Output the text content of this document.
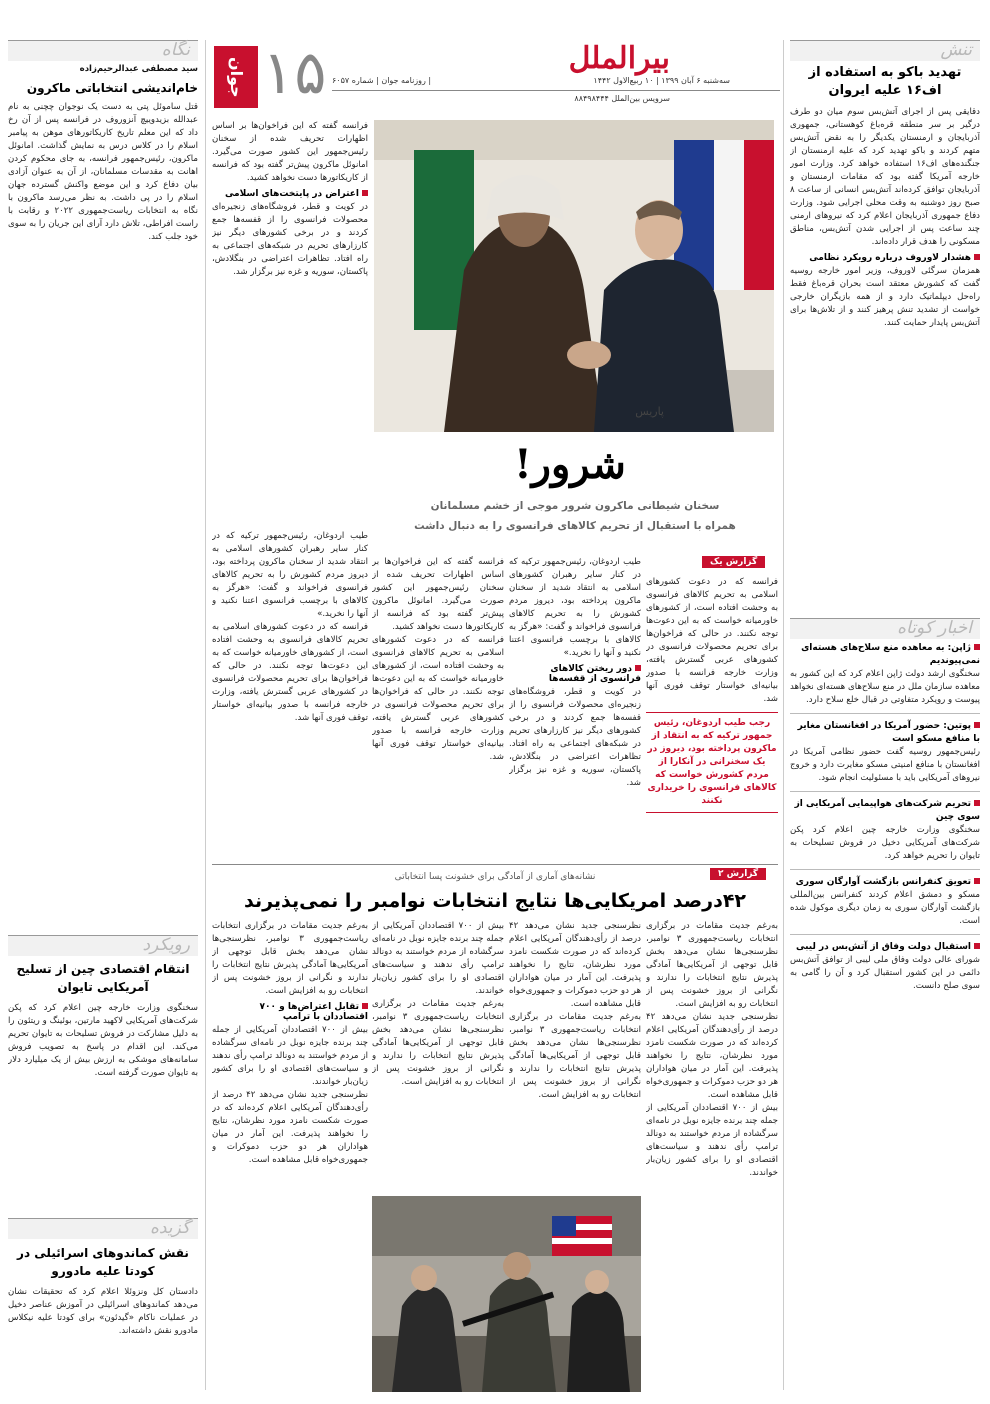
جوان ۱۵ | روزنامه جوان | شماره ۶۰۵۷	سه‌شنبه ۶ آبان ۱۳۹۹ | ۱۰ ربیع‌الاول ۱۴۴۲
بیرالملل
سرویس بین‌الملل ۸۸۴۹۸۴۴۴
تنش
تهدید باکو به استفاده از اف۱۶ علیه ایروان
دقایقی پس از اجرای آتش‌بس سوم میان دو طرف درگیر بر سر منطقه قره‌باغ کوهستانی، جمهوری آذربایجان و ارمنستان یکدیگر را به نقض آتش‌بس متهم کردند و باکو تهدید کرد که علیه ارمنستان از جنگنده‌های اف۱۶ استفاده خواهد کرد. وزارت امور خارجه آمریکا گفته بود که مقامات ارمنستان و آذربایجان توافق کرده‌اند آتش‌بس انسانی از ساعت ۸ صبح روز دوشنبه به وقت محلی اجرایی شود. وزارت دفاع جمهوری آذربایجان اعلام کرد که نیروهای ارمنی چند ساعت پس از اجرایی شدن آتش‌بس، مناطق مسکونی را هدف قرار داده‌اند.
هشدار لاوروف درباره رویکرد نظامی
همزمان سرگئی لاوروف، وزیر امور خارجه روسیه گفت که کشورش معتقد است بحران قره‌باغ فقط راه‌حل دیپلماتیک دارد و از همه بازیگران خارجی خواست از تشدید تنش پرهیز کنند و از تلاش‌ها برای آتش‌بس پایدار حمایت کنند.
اخبار کوتاه
ژاپن: به معاهده منع سلاح‌های هسته‌ای نمی‌پیوندیم
سخنگوی ارشد دولت ژاپن اعلام کرد که این کشور به معاهده سازمان ملل در منع سلاح‌های هسته‌ای نخواهد پیوست و رویکرد متفاوتی در قبال خلع سلاح دارد.
پوتین: حضور آمریکا در افغانستان مغایر با منافع مسکو است
رئیس‌جمهور روسیه گفت حضور نظامی آمریکا در افغانستان با منافع امنیتی مسکو مغایرت دارد و خروج نیروهای آمریکایی باید با مسئولیت انجام شود.
تحریم شرکت‌های هواپیمایی آمریکایی از سوی چین
سخنگوی وزارت خارجه چین اعلام کرد پکن شرکت‌های آمریکایی دخیل در فروش تسلیحات به تایوان را تحریم خواهد کرد.
تعویق کنفرانس بازگشت آوارگان سوری
مسکو و دمشق اعلام کردند کنفرانس بین‌المللی بازگشت آوارگان سوری به زمان دیگری موکول شده است.
استقبال دولت وفاق از آتش‌بس در لیبی
شورای عالی دولت وفاق ملی لیبی از توافق آتش‌بس دائمی در این کشور استقبال کرد و آن را گامی به سوی صلح دانست.
نگاه
سید مصطفی عبدالرحیم‌زاده
خام‌اندیشی انتخاباتی ماکرون
قتل ساموئل پتی به دست یک نوجوان چچنی به نام عبدالله بزیدوییچ آنزوروف در فرانسه پس از آن رخ داد که این معلم تاریخ کاریکاتورهای موهن به پیامبر اسلام را در کلاس درس به نمایش گذاشت. امانوئل ماکرون، رئیس‌جمهور فرانسه، به جای محکوم کردن اهانت به مقدسات مسلمانان، از آن به عنوان آزادی بیان دفاع کرد و این موضع واکنش گسترده جهان اسلام را در پی داشت. به نظر می‌رسد ماکرون با نگاه به انتخابات ریاست‌جمهوری ۲۰۲۲ و رقابت با راست افراطی، تلاش دارد آرای این جریان را به سوی خود جلب کند.
رویکرد
انتقام اقتصادی چین از تسلیح آمریکایی تایوان
سخنگوی وزارت خارجه چین اعلام کرد که پکن شرکت‌های آمریکایی لاکهید مارتین، بوئینگ و ریتئون را به دلیل مشارکت در فروش تسلیحات به تایوان تحریم می‌کند. این اقدام در پاسخ به تصویب فروش سامانه‌های موشکی به ارزش بیش از یک میلیارد دلار به تایوان صورت گرفته است.
گزیده
نقش کماندوهای اسرائیلی در کودتا علیه مادورو
دادستان کل ونزوئلا اعلام کرد که تحقیقات نشان می‌دهد کماندوهای اسرائیلی در آموزش عناصر دخیل در عملیات ناکام «گیدئون» برای کودتا علیه نیکلاس مادورو نقش داشته‌اند.
پاریس
فرانسه گفته که این فراخوان‌ها بر اساس اظهارات تحریف شده از سخنان رئیس‌جمهور این کشور صورت می‌گیرد. امانوئل ماکرون پیش‌تر گفته بود که فرانسه از کاریکاتورها دست نخواهد کشید.
اعتراض در پایتخت‌های اسلامی
در کویت و قطر، فروشگاه‌های زنجیره‌ای محصولات فرانسوی را از قفسه‌ها جمع کردند و در برخی کشورهای دیگر نیز کارزارهای تحریم در شبکه‌های اجتماعی به راه افتاد. تظاهرات اعتراضی در بنگلادش، پاکستان، سوریه و غزه نیز برگزار شد.
شرور!
سخنان شیطانی ماکرون شرور موجی از خشم مسلمانان
همراه با استقبال از تحریم کالاهای فرانسوی را به دنبال داشت
گزارش یک
فرانسه که در دعوت کشورهای اسلامی به تحریم کالاهای فرانسوی به وحشت افتاده است، از کشورهای خاورمیانه خواست که به این دعوت‌ها توجه نکنند. در حالی که فراخوان‌ها برای تحریم محصولات فرانسوی در کشورهای عربی گسترش یافته، وزارت خارجه فرانسه با صدور بیانیه‌ای خواستار توقف فوری آنها شد.
رجب طیب اردوغان، رئیس جمهور ترکیه که به انتقاد از ماکرون پرداخته بود، دیروز در یک سخنرانی در آنکارا از مردم کشورش خواست که کالاهای فرانسوی را خریداری نکنند
طیب اردوغان، رئیس‌جمهور ترکیه که در کنار سایر رهبران کشورهای اسلامی به انتقاد شدید از سخنان ماکرون پرداخته بود، دیروز مردم کشورش را به تحریم کالاهای فرانسوی فراخواند و گفت: «هرگز به کالاهای با برچسب فرانسوی اعتنا نکنید و آنها را نخرید.»
دور ریختن کالاهای فرانسوی از قفسه‌ها
در کویت و قطر، فروشگاه‌های زنجیره‌ای محصولات فرانسوی را از قفسه‌ها جمع کردند و در برخی کشورهای دیگر نیز کارزارهای تحریم در شبکه‌های اجتماعی به راه افتاد. تظاهرات اعتراضی در بنگلادش، پاکستان، سوریه و غزه نیز برگزار شد.
فرانسه گفته که این فراخوان‌ها بر اساس اظهارات تحریف شده از سخنان رئیس‌جمهور این کشور صورت می‌گیرد. امانوئل ماکرون پیش‌تر گفته بود که فرانسه از کاریکاتورها دست نخواهد کشید.
فرانسه که در دعوت کشورهای اسلامی به تحریم کالاهای فرانسوی به وحشت افتاده است، از کشورهای خاورمیانه خواست که به این دعوت‌ها توجه نکنند. در حالی که فراخوان‌ها برای تحریم محصولات فرانسوی در کشورهای عربی گسترش یافته، وزارت خارجه فرانسه با صدور بیانیه‌ای خواستار توقف فوری آنها شد.
طیب اردوغان، رئیس‌جمهور ترکیه که در کنار سایر رهبران کشورهای اسلامی به انتقاد شدید از سخنان ماکرون پرداخته بود، دیروز مردم کشورش را به تحریم کالاهای فرانسوی فراخواند و گفت: «هرگز به کالاهای با برچسب فرانسوی اعتنا نکنید و آنها را نخرید.»
فرانسه که در دعوت کشورهای اسلامی به تحریم کالاهای فرانسوی به وحشت افتاده است، از کشورهای خاورمیانه خواست که به این دعوت‌ها توجه نکنند. در حالی که فراخوان‌ها برای تحریم محصولات فرانسوی در کشورهای عربی گسترش یافته، وزارت خارجه فرانسه با صدور بیانیه‌ای خواستار توقف فوری آنها شد.
گزارش ۲
نشانه‌های آماری از آمادگی برای خشونت پسا انتخاباتی
۴۲درصد امریکایی‌ها نتایج انتخابات نوامبر را نمی‌پذیرند
به‌رغم جدیت مقامات در برگزاری انتخابات ریاست‌جمهوری ۳ نوامبر، نظرسنجی‌ها نشان می‌دهد بخش قابل توجهی از آمریکایی‌ها آمادگی پذیرش نتایج انتخابات را ندارند و نگرانی از بروز خشونت پس از انتخابات رو به افزایش است.
نظرسنجی جدید نشان می‌دهد ۴۲ درصد از رأی‌دهندگان آمریکایی اعلام کرده‌اند که در صورت شکست نامزد مورد نظرشان، نتایج را نخواهند پذیرفت. این آمار در میان هواداران هر دو حزب دموکرات و جمهوری‌خواه قابل مشاهده است.
بیش از ۷۰۰ اقتصاددان آمریکایی از جمله چند برنده جایزه نوبل در نامه‌ای سرگشاده از مردم خواستند به دونالد ترامپ رأی ندهند و سیاست‌های اقتصادی او را برای کشور زیان‌بار خواندند.
نظرسنجی جدید نشان می‌دهد ۴۲ درصد از رأی‌دهندگان آمریکایی اعلام کرده‌اند که در صورت شکست نامزد مورد نظرشان، نتایج را نخواهند پذیرفت. این آمار در میان هواداران هر دو حزب دموکرات و جمهوری‌خواه قابل مشاهده است.
به‌رغم جدیت مقامات در برگزاری انتخابات ریاست‌جمهوری ۳ نوامبر، نظرسنجی‌ها نشان می‌دهد بخش قابل توجهی از آمریکایی‌ها آمادگی پذیرش نتایج انتخابات را ندارند و نگرانی از بروز خشونت پس از انتخابات رو به افزایش است.
بیش از ۷۰۰ اقتصاددان آمریکایی از جمله چند برنده جایزه نوبل در نامه‌ای سرگشاده از مردم خواستند به دونالد ترامپ رأی ندهند و سیاست‌های اقتصادی او را برای کشور زیان‌بار خواندند.
به‌رغم جدیت مقامات در برگزاری انتخابات ریاست‌جمهوری ۳ نوامبر، نظرسنجی‌ها نشان می‌دهد بخش قابل توجهی از آمریکایی‌ها آمادگی پذیرش نتایج انتخابات را ندارند و نگرانی از بروز خشونت پس از انتخابات رو به افزایش است.
به‌رغم جدیت مقامات در برگزاری انتخابات ریاست‌جمهوری ۳ نوامبر، نظرسنجی‌ها نشان می‌دهد بخش قابل توجهی از آمریکایی‌ها آمادگی پذیرش نتایج انتخابات را ندارند و نگرانی از بروز خشونت پس از انتخابات رو به افزایش است.
تقابل اعتراض‌ها و ۷۰۰ اقتصاددان با ترامپ
بیش از ۷۰۰ اقتصاددان آمریکایی از جمله چند برنده جایزه نوبل در نامه‌ای سرگشاده از مردم خواستند به دونالد ترامپ رأی ندهند و سیاست‌های اقتصادی او را برای کشور زیان‌بار خواندند.
نظرسنجی جدید نشان می‌دهد ۴۲ درصد از رأی‌دهندگان آمریکایی اعلام کرده‌اند که در صورت شکست نامزد مورد نظرشان، نتایج را نخواهند پذیرفت. این آمار در میان هواداران هر دو حزب دموکرات و جمهوری‌خواه قابل مشاهده است.
